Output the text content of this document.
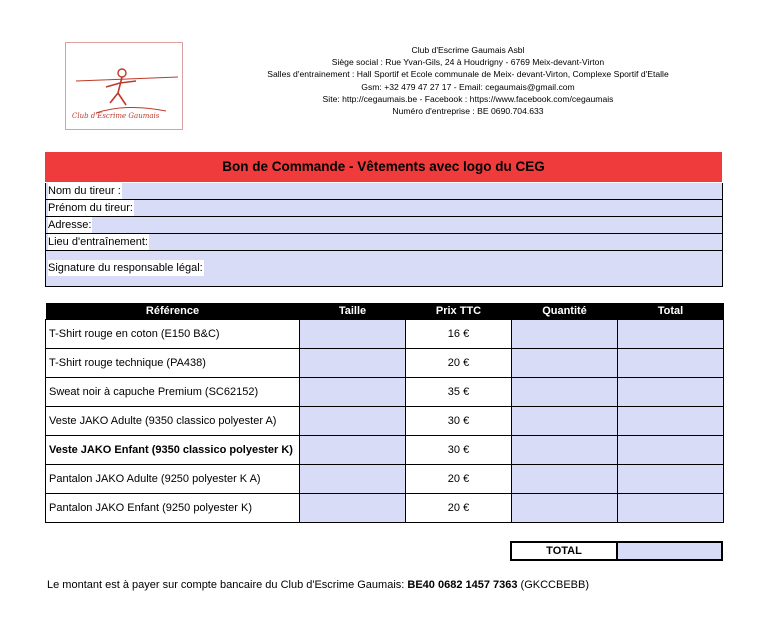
Club d'Escrime Gaumais
Club d'Escrime Gaumais Asbl
Siège social : Rue Yvan-Gils, 24 à Houdrigny - 6769 Meix-devant-Virton
Salles d'entrainement : Hall Sportif et Ecole communale de Meix- devant-Virton, Complexe Sportif d'Etalle
Gsm: +32 479 47 27 17 - Email: cegaumais@gmail.com
Site: http://cegaumais.be - Facebook : https://www.facebook.com/cegaumais
Numéro d'entreprise : BE 0690.704.633
Bon de Commande - Vêtements avec logo du CEG
Nom du tireur :
Prénom du tireur:
Adresse:
Lieu d'entraînement:
Signature du responsable légal:
Référence	Taille	Prix TTC	Quantité	Total
T-Shirt rouge en coton (E150 B&C)		16 €		
T-Shirt rouge technique (PA438)		20 €		
Sweat noir à capuche Premium (SC62152)		35 €		
Veste JAKO Adulte (9350 classico polyester A)		30 €		
Veste JAKO Enfant (9350 classico polyester K)		30 €		
Pantalon JAKO Adulte (9250 polyester K A)		20 €		
Pantalon JAKO Enfant (9250 polyester K)		20 €		
TOTAL
Le montant est à payer sur compte bancaire du Club d'Escrime Gaumais: BE40 0682 1457 7363 (GKCCBEBB)
